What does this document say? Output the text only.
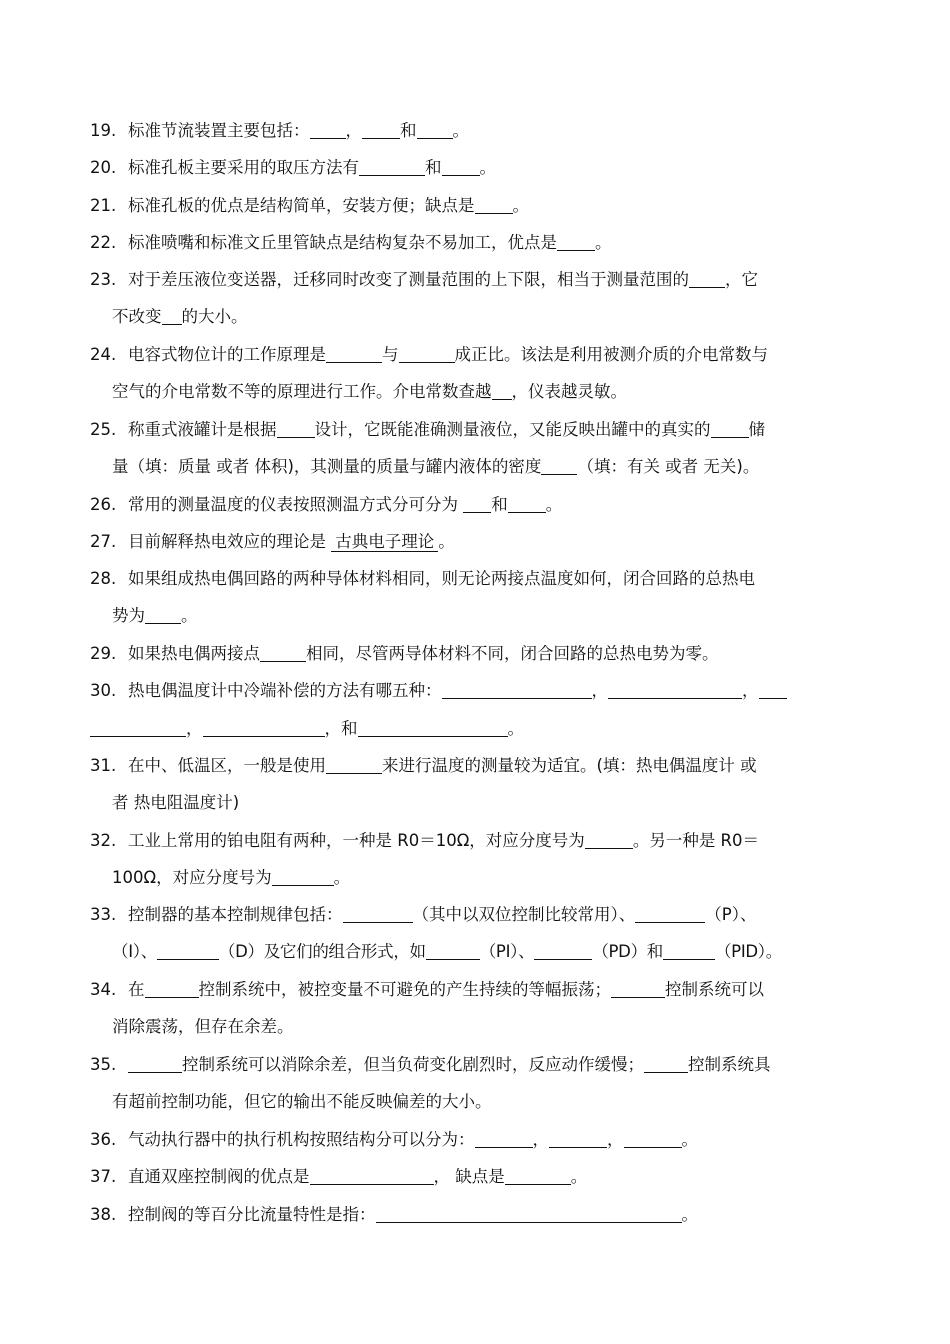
19. 标准节流装置主要包括： ， 和 。
20. 标准孔板主要采用的取压方法有	和 。
21. 标准孔板的优点是结构简单，安装方便；缺点是 。
22. 标准喷嘴和标准文丘里管缺点是结构复杂不易加工，优点是 。
23. 对于差压液位变送器，迁移同时改变了测量范围的上下限，相当于测量范围的 ，它
不改变 的大小。
24. 电容式物位计的工作原理是	与	成正比。该法是利用被测介质的介电常数与
空气的介电常数不等的原理进行工作。介电常数查越 ，仪表越灵敏。
25. 称重式液罐计是根据 设计，它既能准确测量液位，又能反映出罐中的真实的 储
量（填：质量 或者 体积)，其测量的质量与罐内液体的密度 （填：有关 或者 无关)。
26. 常用的测量温度的仪表按照测温方式分可分为 和 。
27. 目前解释热电效应的理论是 古典电子理论 。
28. 如果组成热电偶回路的两种导体材料相同，则无论两接点温度如何，闭合回路的总热电
势为 。
29. 如果热电偶两接点	相同，尽管两导体材料不同，闭合回路的总热电势为零。
30. 热电偶温度计中冷端补偿的方法有哪五种：	，	，
，	，和	。
31. 在中、低温区，一般是使用	来进行温度的测量较为适宜。(填：热电偶温度计 或
者 热电阻温度计)
32. 工业上常用的铂电阻有两种，一种是 R0＝10Ω，对应分度号为	。另一种是 R0＝
100Ω，对应分度号为	。
33. 控制器的基本控制规律包括：	（其中以双位控制比较常用）、	（P）、
（I）、	（D）及它们的组合形式，如	（PI）、	（PD）和	（PID）。
34. 在	控制系统中，被控变量不可避免的产生持续的等幅振荡；	控制系统可以
消除震荡，但存在余差。
35.	控制系统可以消除余差，但当负荷变化剧烈时，反应动作缓慢；	控制系统具
有超前控制功能，但它的输出不能反映偏差的大小。
36. 气动执行器中的执行机构按照结构分可以分为：	，	，	。
37. 直通双座控制阀的优点是	， 缺点是	。
38. 控制阀的等百分比流量特性是指：	。
